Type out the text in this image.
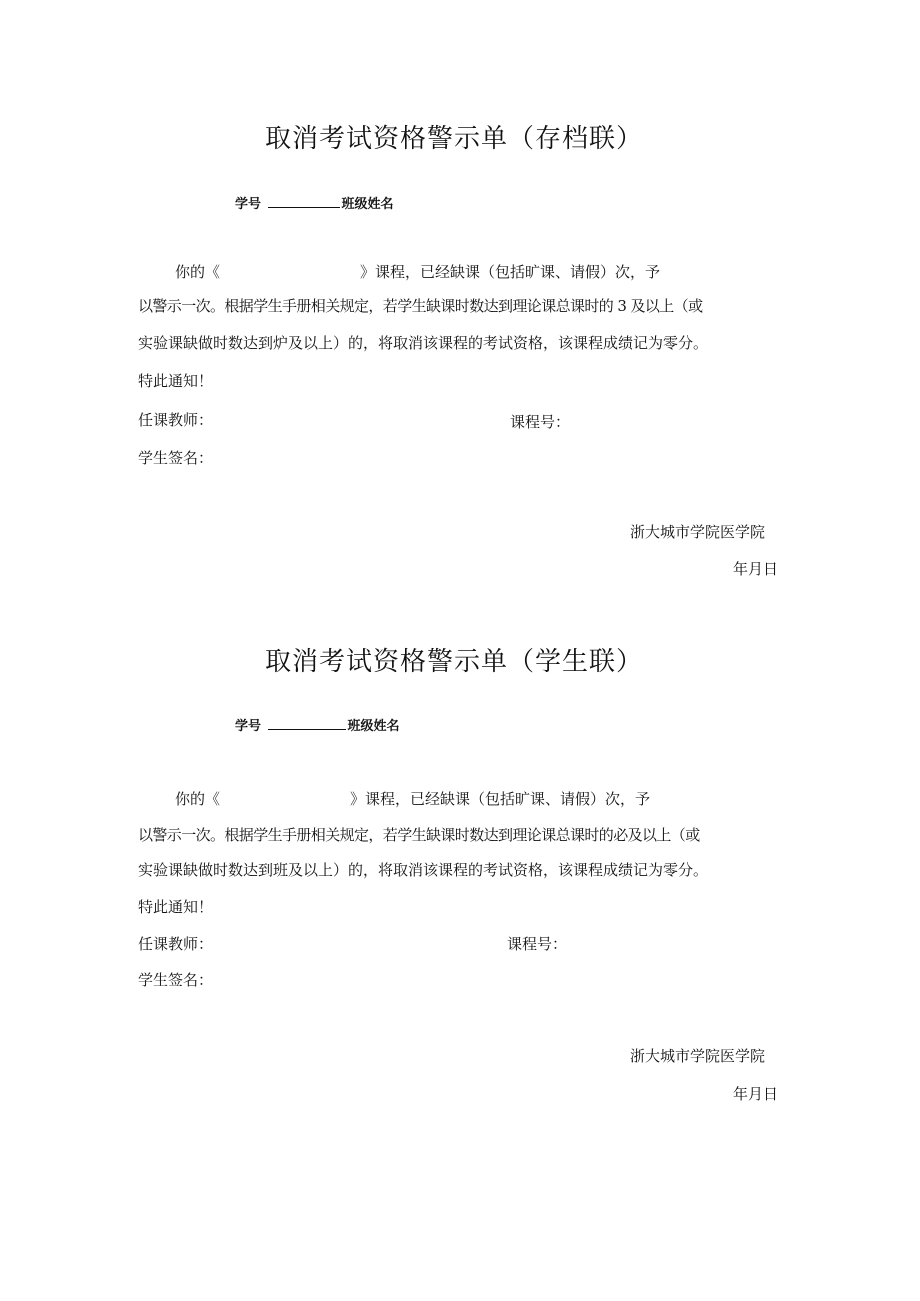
取消考试资格警示单（存档联）
学号	班级姓名
你的《	》课程，已经缺课（包括旷课、请假）次，予
以警示一次。根据学生手册相关规定，若学生缺课时数达到理论课总课时的 3 及以上（或
实验课缺做时数达到炉及以上）的，将取消该课程的考试资格，该课程成绩记为零分。
特此通知！
任课教师：	课程号：
学生签名：
浙大城市学院医学院
年月日
取消考试资格警示单（学生联）
学号	班级姓名
你的《	》课程，已经缺课（包括旷课、请假）次，予
以警示一次。根据学生手册相关规定，若学生缺课时数达到理论课总课时的必及以上（或
实验课缺做时数达到班及以上）的，将取消该课程的考试资格，该课程成绩记为零分。
特此通知！
任课教师：	课程号：
学生签名：
浙大城市学院医学院
年月日
